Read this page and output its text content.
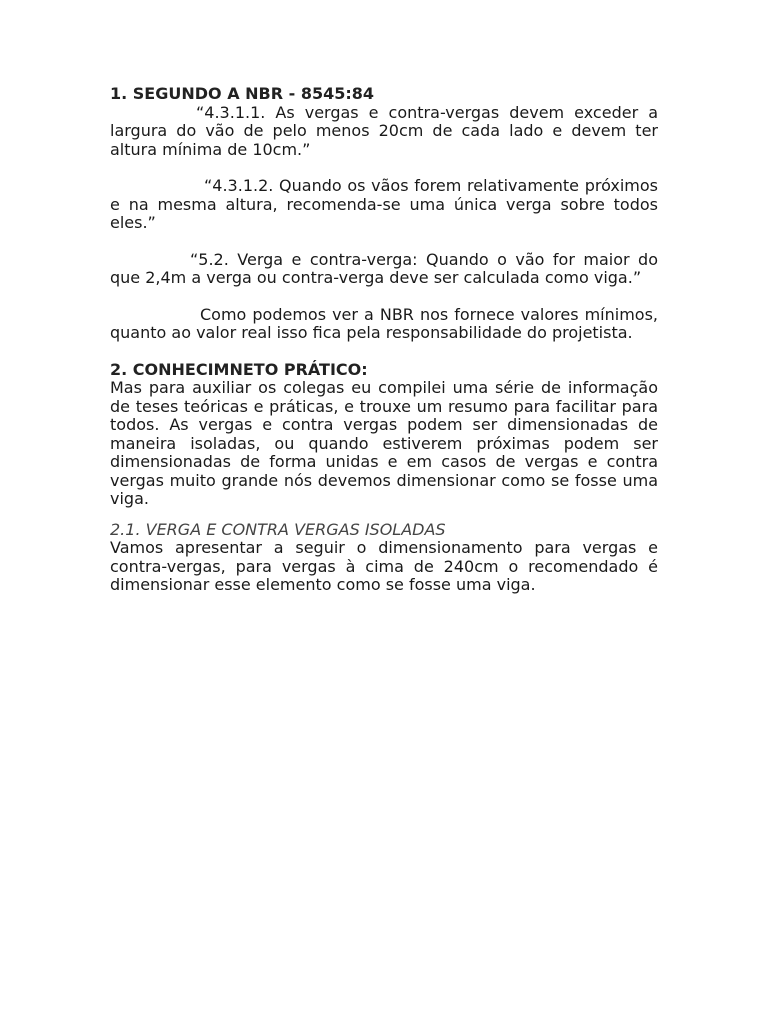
1. SEGUNDO A NBR - 8545:84

“4.3.1.1. As vergas e contra-vergas devem exceder a largura do vão de pelo menos 20cm de cada lado e devem ter altura mínima de 10cm.”

“4.3.1.2. Quando os vãos forem relativamente próximos e na mesma altura, recomenda-se uma única verga sobre todos eles.”

“5.2. Verga e contra-verga: Quando o vão for maior do que 2,4m a verga ou contra-verga deve ser calculada como viga.”

Como podemos ver a NBR nos fornece valores mínimos, quanto ao valor real isso fica pela responsabilidade do projetista.

2. CONHECIMNETO PRÁTICO:

Mas para auxiliar os colegas eu compilei uma série de informação de teses teóricas e práticas, e trouxe um resumo para facilitar para todos. As vergas e contra vergas podem ser dimensionadas de maneira isoladas, ou quando estiverem próximas podem ser dimensionadas de forma unidas e em casos de vergas e contra vergas muito grande nós devemos dimensionar como se fosse uma viga.

2.1. VERGA E CONTRA VERGAS ISOLADAS

Vamos apresentar a seguir o dimensionamento para vergas e contra-vergas, para vergas à cima de 240cm o recomendado é dimensionar esse elemento como se fosse uma viga.
